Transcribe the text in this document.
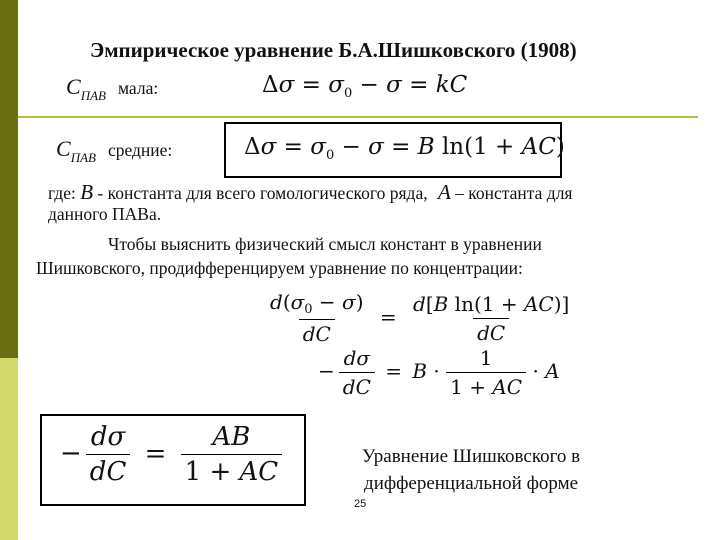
Эмпирическое уравнение Б.А.Шишковского (1908)
$C_{ПАВ}$ мала:	$\Delta\sigma = \sigma_0 - \sigma$ = kC
$C_{ПАВ}$ средние:	$\Delta\sigma = \sigma_0 - \sigma = B$ ln(1 + AC)
где: B - константа для всего гомологического ряда, A – константа для
данного ПАВа.
Чтобы выяснить физический смысл констант в уравнении
Шишковского, продифференцируем уравнение по концентрации:
$\frac{d(\sigma_0 - \sigma)}{dC} = \frac{\text{d[B ln(1 + AC)]}}{dC}$
− $\frac{d\sigma}{dC} = B \cdot \frac{1}{1 + AC} \cdot A$
− $\frac{d\sigma}{dC} = \frac{AB}{1 + AC}$	Уравнение Шишковского в
дифференциальной форме
25
